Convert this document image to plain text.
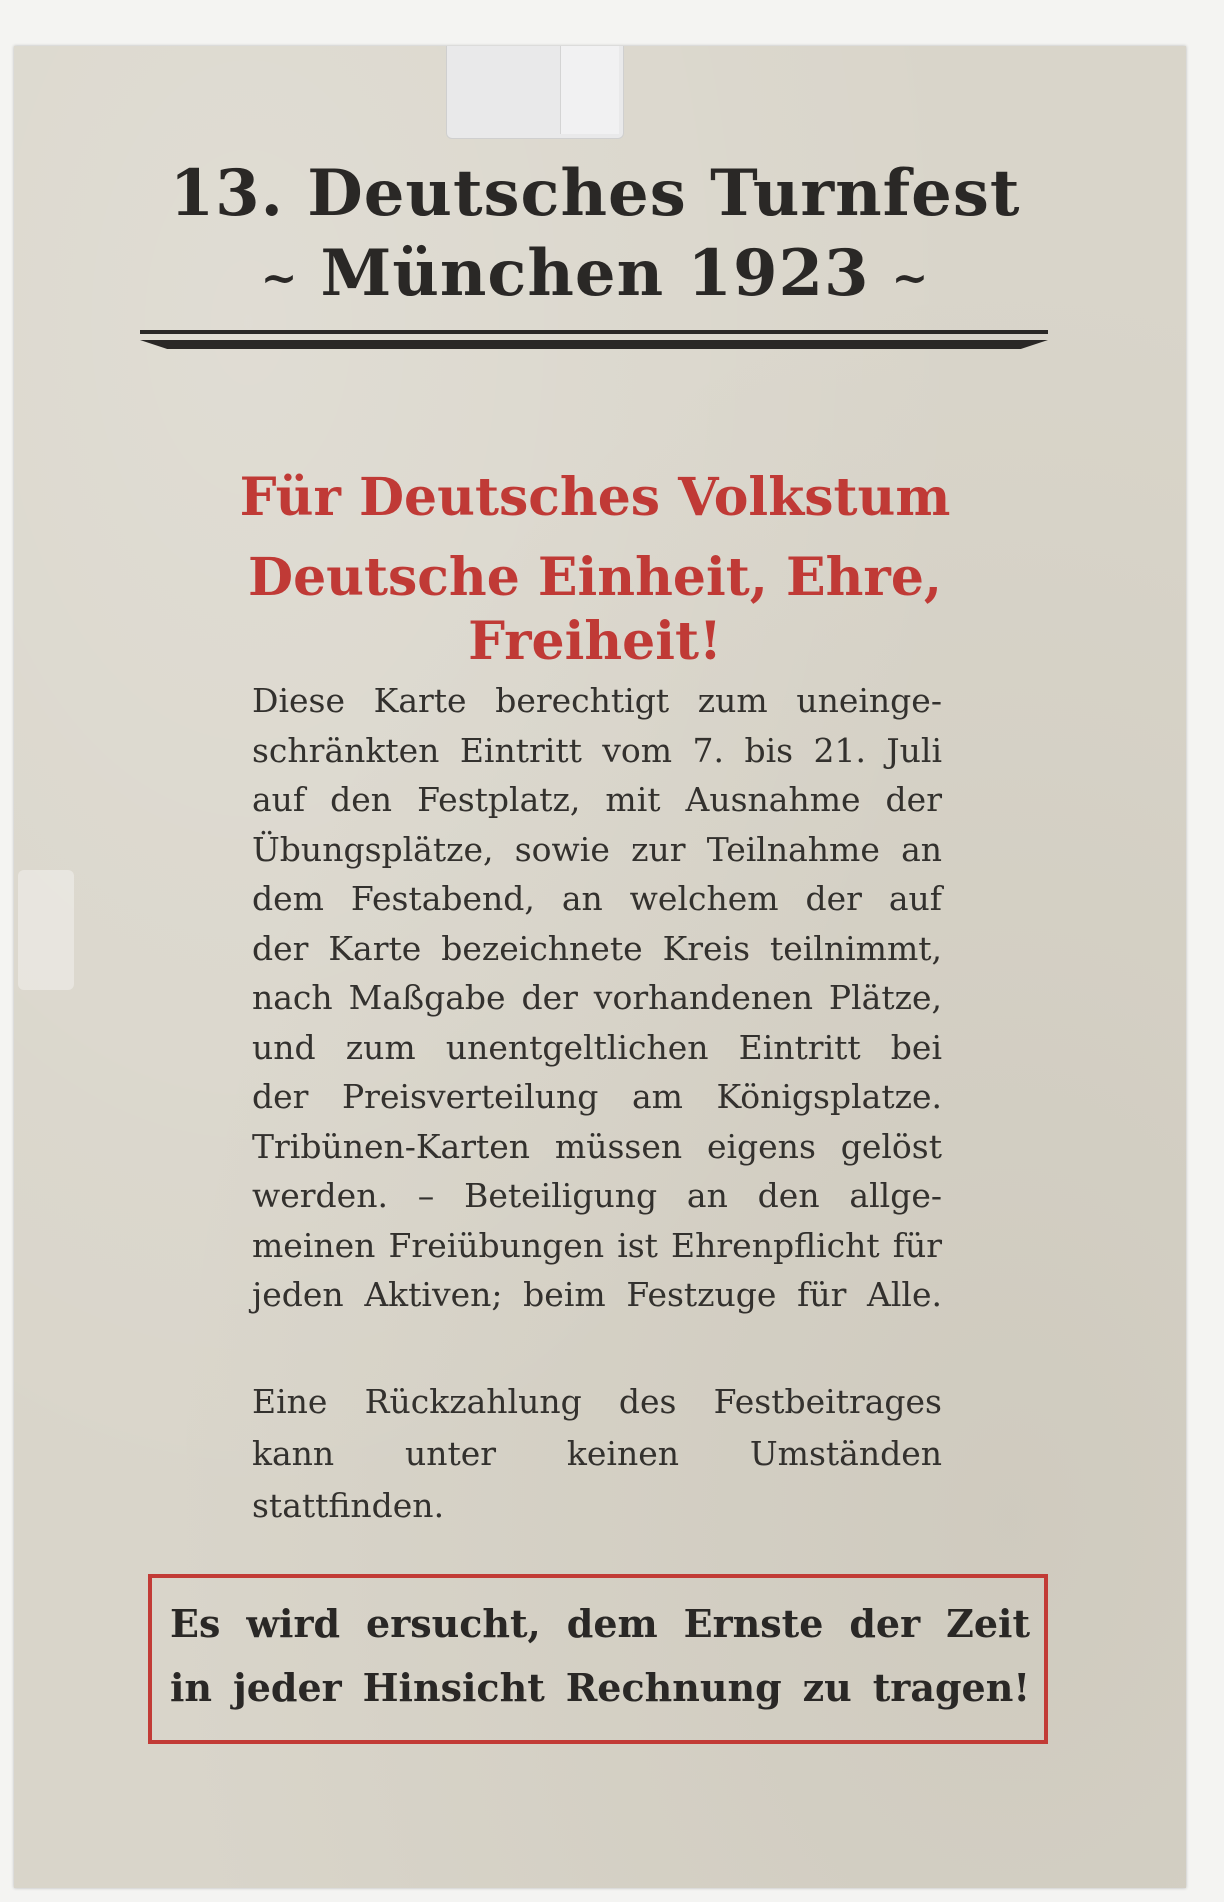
13. Deutsches Turnfest
~ München 1923 ~
Für Deutsches Volkstum
Deutsche Einheit, Ehre, Freiheit!
Diese Karte berechtigt zum uneinge-
schränkten Eintritt vom 7. bis 21. Juli
auf den Festplatz, mit Ausnahme der
Übungsplätze, sowie zur Teilnahme an
dem Festabend, an welchem der auf
der Karte bezeichnete Kreis teilnimmt,
nach Maßgabe der vorhandenen Plätze,
und zum unentgeltlichen Eintritt bei
der Preisverteilung am Königsplatze.
Tribünen-Karten müssen eigens gelöst
werden. – Beteiligung an den allge-
meinen Freiübungen ist Ehrenpflicht für
jeden Aktiven; beim Festzuge für Alle.
Eine Rückzahlung des Festbeitrages
kann unter keinen Umständen stattfinden.
Es wird ersucht, dem Ernste der Zeit
in jeder Hinsicht Rechnung zu tragen!
